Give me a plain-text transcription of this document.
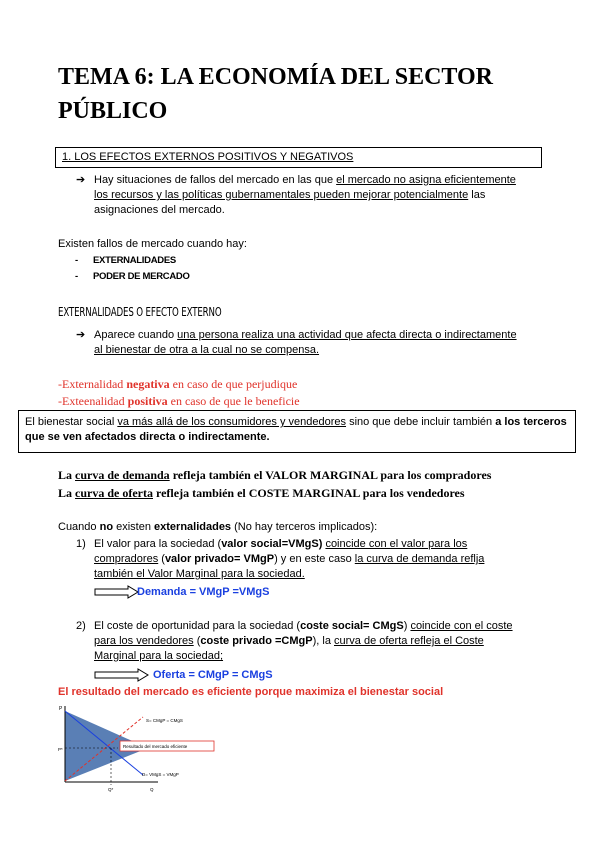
TEMA 6: LA ECONOMÍA DEL SECTOR PÚBLICO
1. LOS EFECTOS EXTERNOS POSITIVOS Y NEGATIVOS
➔ Hay situaciones de fallos del mercado en las que el mercado no asigna eficientemente los recursos y las políticas gubernamentales pueden mejorar potencialmente las asignaciones del mercado.
Existen fallos de mercado cuando hay:
- EXTERNALIDADES
- PODER DE MERCADO
EXTERNALIDADES O EFECTO EXTERNO
➔ Aparece cuando una persona realiza una actividad que afecta directa o indirectamente al bienestar de otra a la cual no se compensa.
-Externalidad negativa en caso de que perjudique
-Exteenalidad positiva en caso de que le beneficie
El bienestar social va más allá de los consumidores y vendedores sino que debe incluir también a los terceros que se ven afectados directa o indirectamente.
La curva de demanda refleja también el VALOR MARGINAL para los compradores
La curva de oferta refleja también el COSTE MARGINAL para los vendedores
Cuando no existen externalidades (No hay terceros implicados):
1) El valor para la sociedad (valor social=VMgS) coincide con el valor para los compradores (valor privado= VMgP) y en este caso la curva de demanda reflja también el Valor Marginal para la sociedad.
Demanda = VMgP =VMgS
2) El coste de oportunidad para la sociedad (coste social= CMgS) coincide con el coste para los vendedores (coste privado =CMgP), la curva de oferta refleja el Coste Marginal para la sociedad;
Oferta = CMgP = CMgS
El resultado del mercado es eficiente porque maximiza el bienestar social
P
S= CMgP = CMgS
P*
Resultado del mercado eficiente
D= VMgS = VMgP
Q*	Q
